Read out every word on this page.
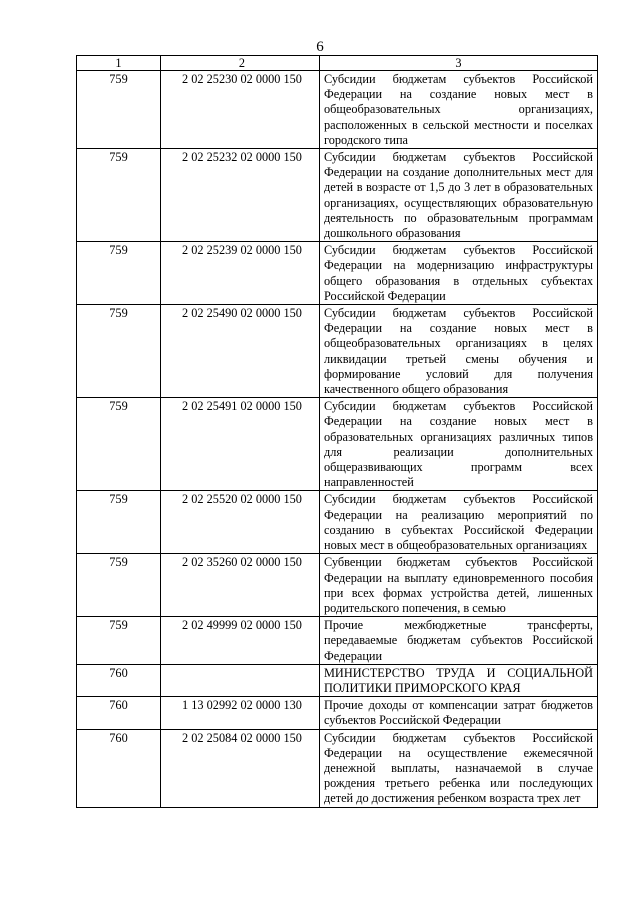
6
1	2	3
759	2 02 25230 02 0000 150	Субсидии бюджетам субъектов Российской Федерации на создание новых мест в общеобразовательных организациях, расположенных в сельской местности и поселках городского типа
759	2 02 25232 02 0000 150	Субсидии бюджетам субъектов Российской Федерации на создание дополнительных мест для детей в возрасте от 1,5 до 3 лет в образовательных организациях, осуществляющих образовательную деятельность по образовательным программам дошкольного образования
759	2 02 25239 02 0000 150	Субсидии бюджетам субъектов Российской Федерации на модернизацию инфраструктуры общего образования в отдельных субъектах Российской Федерации
759	2 02 25490 02 0000 150	Субсидии бюджетам субъектов Российской Федерации на создание новых мест в общеобразовательных организациях в целях ликвидации третьей смены обучения и формирование условий для получения качественного общего образования
759	2 02 25491 02 0000 150	Субсидии бюджетам субъектов Российской Федерации на создание новых мест в образовательных организациях различных типов для реализации дополнительных общеразвивающих программ всех направленностей
759	2 02 25520 02 0000 150	Субсидии бюджетам субъектов Российской Федерации на реализацию мероприятий по созданию в субъектах Российской Федерации новых мест в общеобразовательных организациях
759	2 02 35260 02 0000 150	Субвенции бюджетам субъектов Российской Федерации на выплату единовременного пособия при всех формах устройства детей, лишенных родительского попечения, в семью
759	2 02 49999 02 0000 150	Прочие межбюджетные трансферты, передаваемые бюджетам субъектов Российской Федерации
760		МИНИСТЕРСТВО ТРУДА И СОЦИАЛЬНОЙ ПОЛИТИКИ ПРИМОРСКОГО КРАЯ
760	1 13 02992 02 0000 130	Прочие доходы от компенсации затрат бюджетов субъектов Российской Федерации
760	2 02 25084 02 0000 150	Субсидии бюджетам субъектов Российской Федерации на осуществление ежемесячной денежной выплаты, назначаемой в случае рождения третьего ребенка или последующих детей до достижения ребенком возраста трех лет
